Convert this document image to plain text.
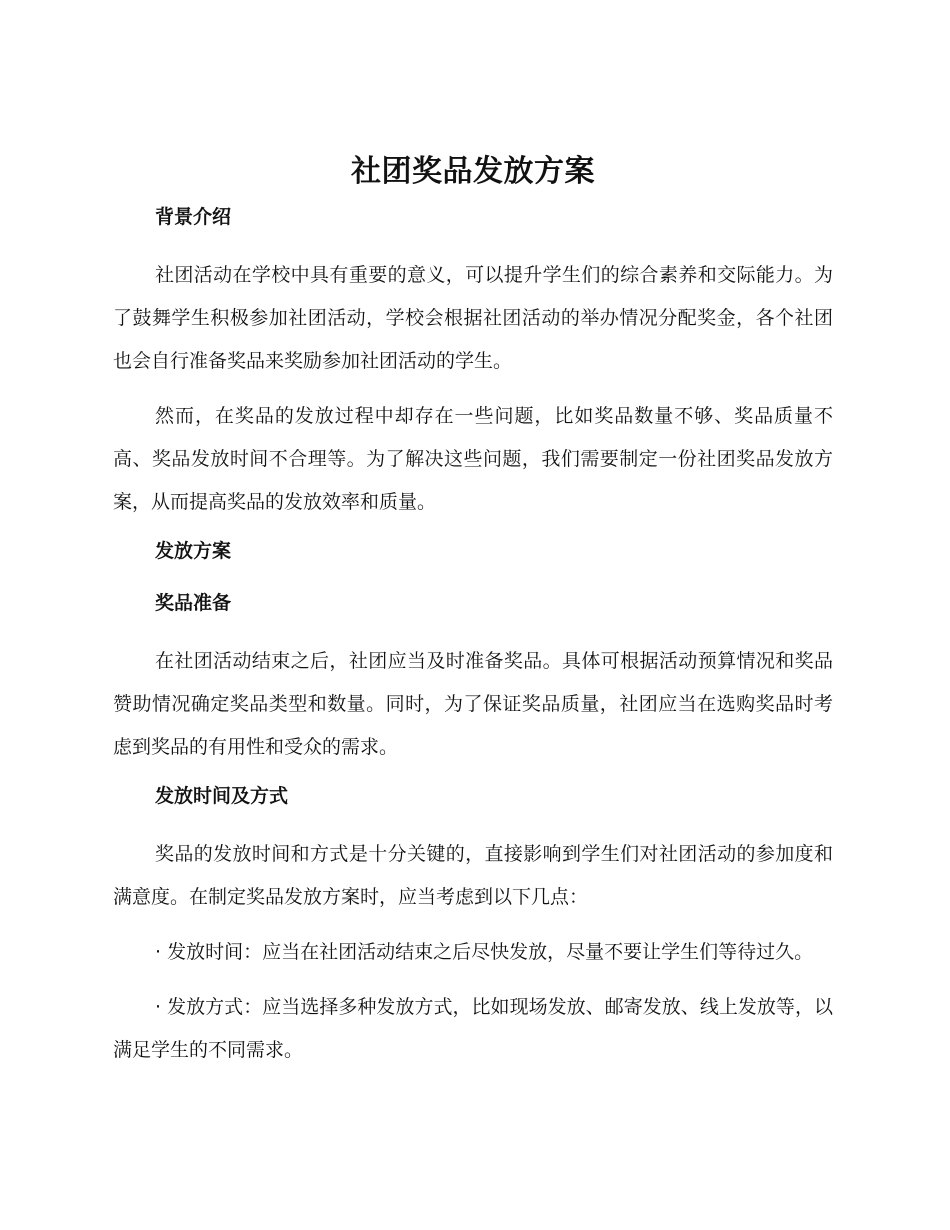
社团奖品发放方案
背景介绍

社团活动在学校中具有重要的意义，可以提升学生们的综合素养和交际能力。为了鼓舞学生积极参加社团活动，学校会根据社团活动的举办情况分配奖金，各个社团也会自行准备奖品来奖励参加社团活动的学生。

然而，在奖品的发放过程中却存在一些问题，比如奖品数量不够、奖品质量不高、奖品发放时间不合理等。为了解决这些问题，我们需要制定一份社团奖品发放方案，从而提高奖品的发放效率和质量。

发放方案
奖品准备

在社团活动结束之后，社团应当及时准备奖品。具体可根据活动预算情况和奖品赞助情况确定奖品类型和数量。同时，为了保证奖品质量，社团应当在选购奖品时考虑到奖品的有用性和受众的需求。

发放时间及方式

奖品的发放时间和方式是十分关键的，直接影响到学生们对社团活动的参加度和满意度。在制定奖品发放方案时，应当考虑到以下几点：

· 发放时间：应当在社团活动结束之后尽快发放，尽量不要让学生们等待过久。

· 发放方式：应当选择多种发放方式，比如现场发放、邮寄发放、线上发放等，以满足学生的不同需求。
